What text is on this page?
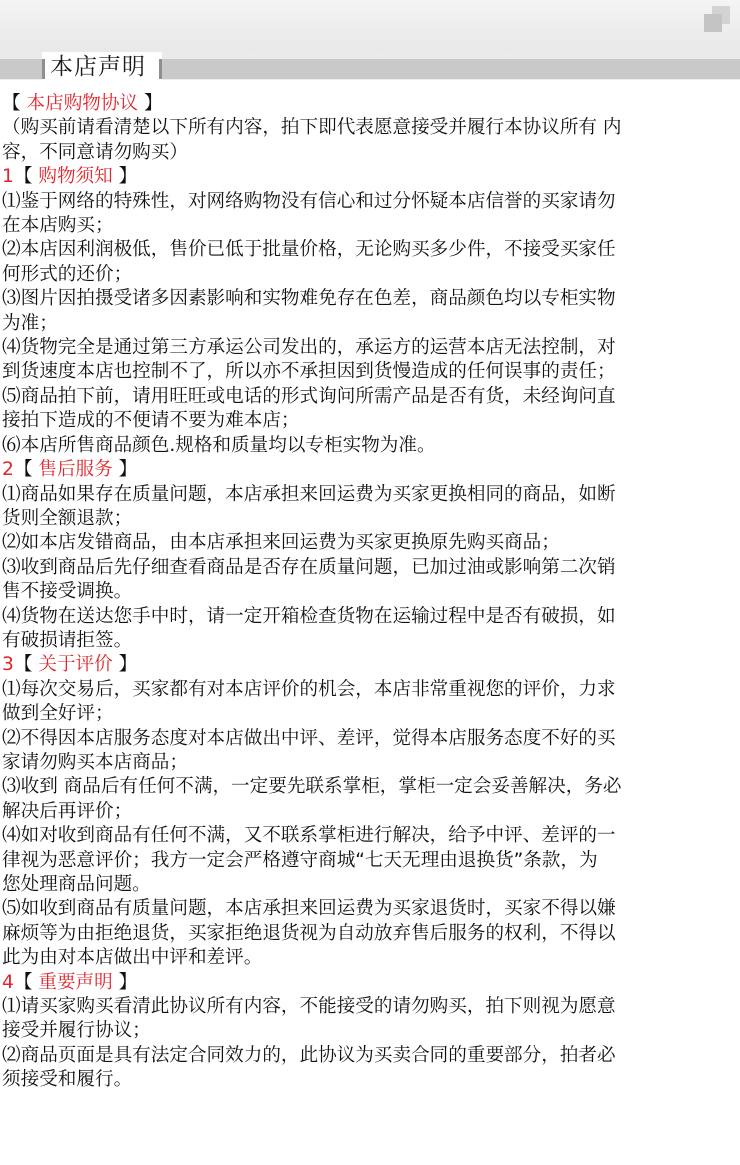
本店声明
【 本店购物协议 】
（购买前请看清楚以下所有内容，拍下即代表愿意接受并履行本协议所有 内
容，不同意请勿购买）
1【 购物须知 】
⑴鉴于网络的特殊性，对网络购物没有信心和过分怀疑本店信誉的买家请勿
在本店购买；
⑵本店因利润极低，售价已低于批量价格，无论购买多少件，不接受买家任
何形式的还价；
⑶图片因拍摄受诸多因素影响和实物难免存在色差，商品颜色均以专柜实物
为准；
⑷货物完全是通过第三方承运公司发出的，承运方的运营本店无法控制，对
到货速度本店也控制不了，所以亦不承担因到货慢造成的任何误事的责任；
⑸商品拍下前，请用旺旺或电话的形式询问所需产品是否有货，未经询问直
接拍下造成的不便请不要为难本店；
⑹本店所售商品颜色.规格和质量均以专柜实物为准。
2【 售后服务 】
⑴商品如果存在质量问题，本店承担来回运费为买家更换相同的商品，如断
货则全额退款；
⑵如本店发错商品，由本店承担来回运费为买家更换原先购买商品；
⑶收到商品后先仔细查看商品是否存在质量问题，已加过油或影响第二次销
售不接受调换。
⑷货物在送达您手中时，请一定开箱检查货物在运输过程中是否有破损，如
有破损请拒签。
3【 关于评价 】
⑴每次交易后，买家都有对本店评价的机会，本店非常重视您的评价，力求
做到全好评；
⑵不得因本店服务态度对本店做出中评、差评，觉得本店服务态度不好的买
家请勿购买本店商品；
⑶收到 商品后有任何不满，一定要先联系掌柜，掌柜一定会妥善解决，务必
解决后再评价；
⑷如对收到商品有任何不满，又不联系掌柜进行解决，给予中评、差评的一
律视为恶意评价；我方一定会严格遵守商城“七天无理由退换货”条款，为
您处理商品问题。
⑸如收到商品有质量问题，本店承担来回运费为买家退货时，买家不得以嫌
麻烦等为由拒绝退货，买家拒绝退货视为自动放弃售后服务的权利，不得以
此为由对本店做出中评和差评。
4【 重要声明 】
⑴请买家购买看清此协议所有内容，不能接受的请勿购买，拍下则视为愿意
接受并履行协议；
⑵商品页面是具有法定合同效力的，此协议为买卖合同的重要部分，拍者必
须接受和履行。
